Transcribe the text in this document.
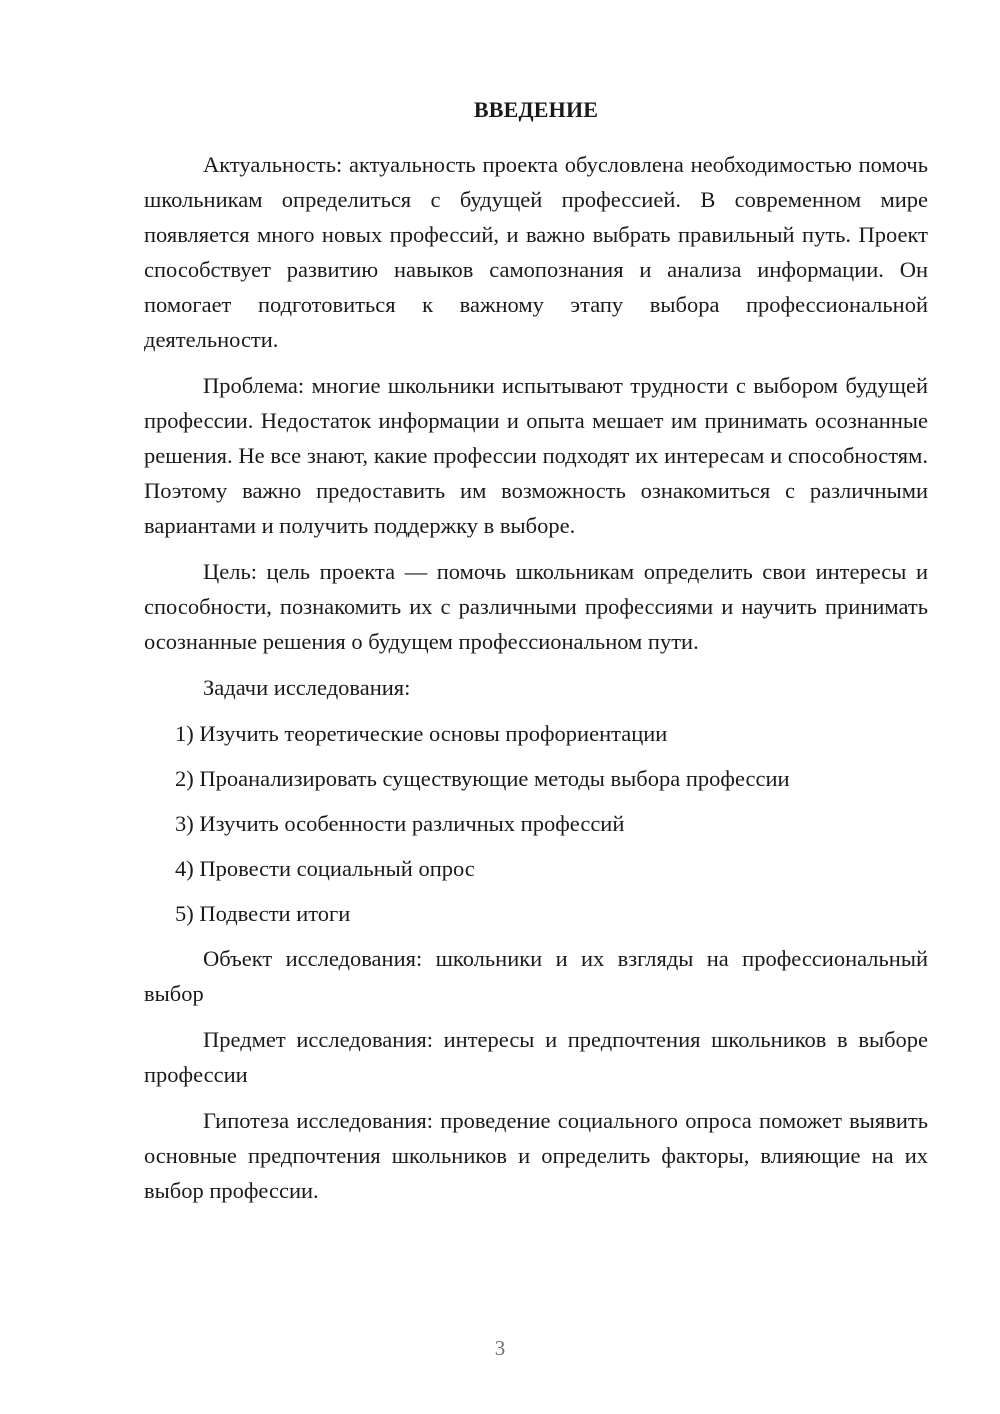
ВВЕДЕНИЕ

Актуальность: актуальность проекта обусловлена необходимостью помочь школьникам определиться с будущей профессией. В современном мире появляется много новых профессий, и важно выбрать правильный путь. Проект способствует развитию навыков самопознания и анализа информации. Он помогает подготовиться к важному этапу выбора профессиональной деятельности.

Проблема: многие школьники испытывают трудности с выбором будущей профессии. Недостаток информации и опыта мешает им принимать осознанные решения. Не все знают, какие профессии подходят их интересам и способностям. Поэтому важно предоставить им возможность ознакомиться с различными вариантами и получить поддержку в выборе.

Цель: цель проекта — помочь школьникам определить свои интересы и способности, познакомить их с различными профессиями и научить принимать осознанные решения о будущем профессиональном пути.

Задачи исследования:

1) Изучить теоретические основы профориентации
2) Проанализировать существующие методы выбора профессии
3) Изучить особенности различных профессий
4) Провести социальный опрос
5) Подвести итоги

Объект исследования: школьники и их взгляды на профессиональный выбор

Предмет исследования: интересы и предпочтения школьников в выборе профессии

Гипотеза исследования: проведение социального опроса поможет выявить основные предпочтения школьников и определить факторы, влияющие на их выбор профессии.

3
